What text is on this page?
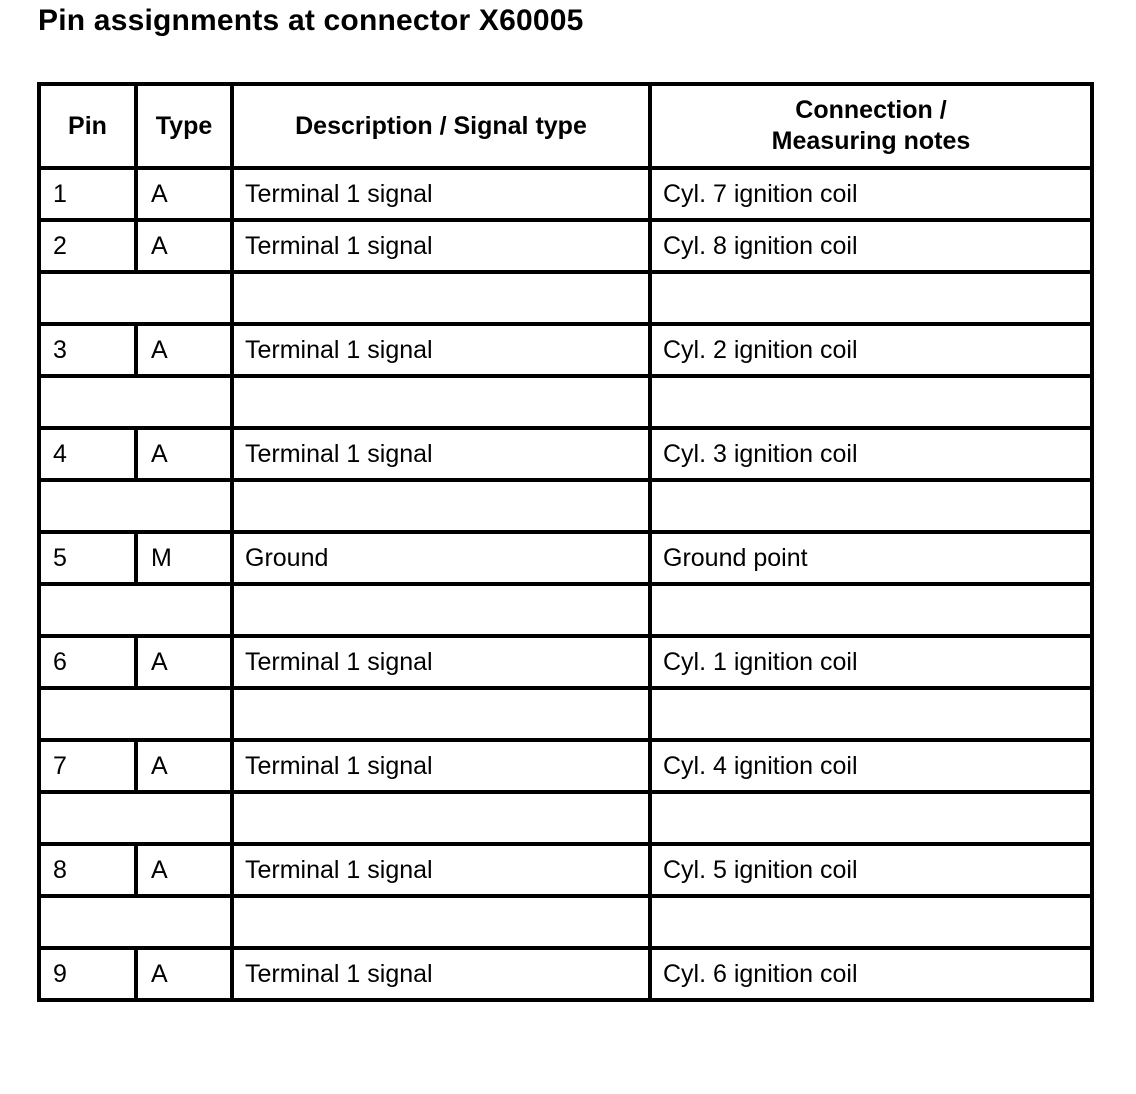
Pin assignments at connector X60005
Pin	Type	Description / Signal type	Connection /
Measuring notes
1	A	Terminal 1 signal	Cyl. 7 ignition coil
2	A	Terminal 1 signal	Cyl. 8 ignition coil

3	A	Terminal 1 signal	Cyl. 2 ignition coil

4	A	Terminal 1 signal	Cyl. 3 ignition coil

5	M	Ground	Ground point

6	A	Terminal 1 signal	Cyl. 1 ignition coil

7	A	Terminal 1 signal	Cyl. 4 ignition coil

8	A	Terminal 1 signal	Cyl. 5 ignition coil

9	A	Terminal 1 signal	Cyl. 6 ignition coil
